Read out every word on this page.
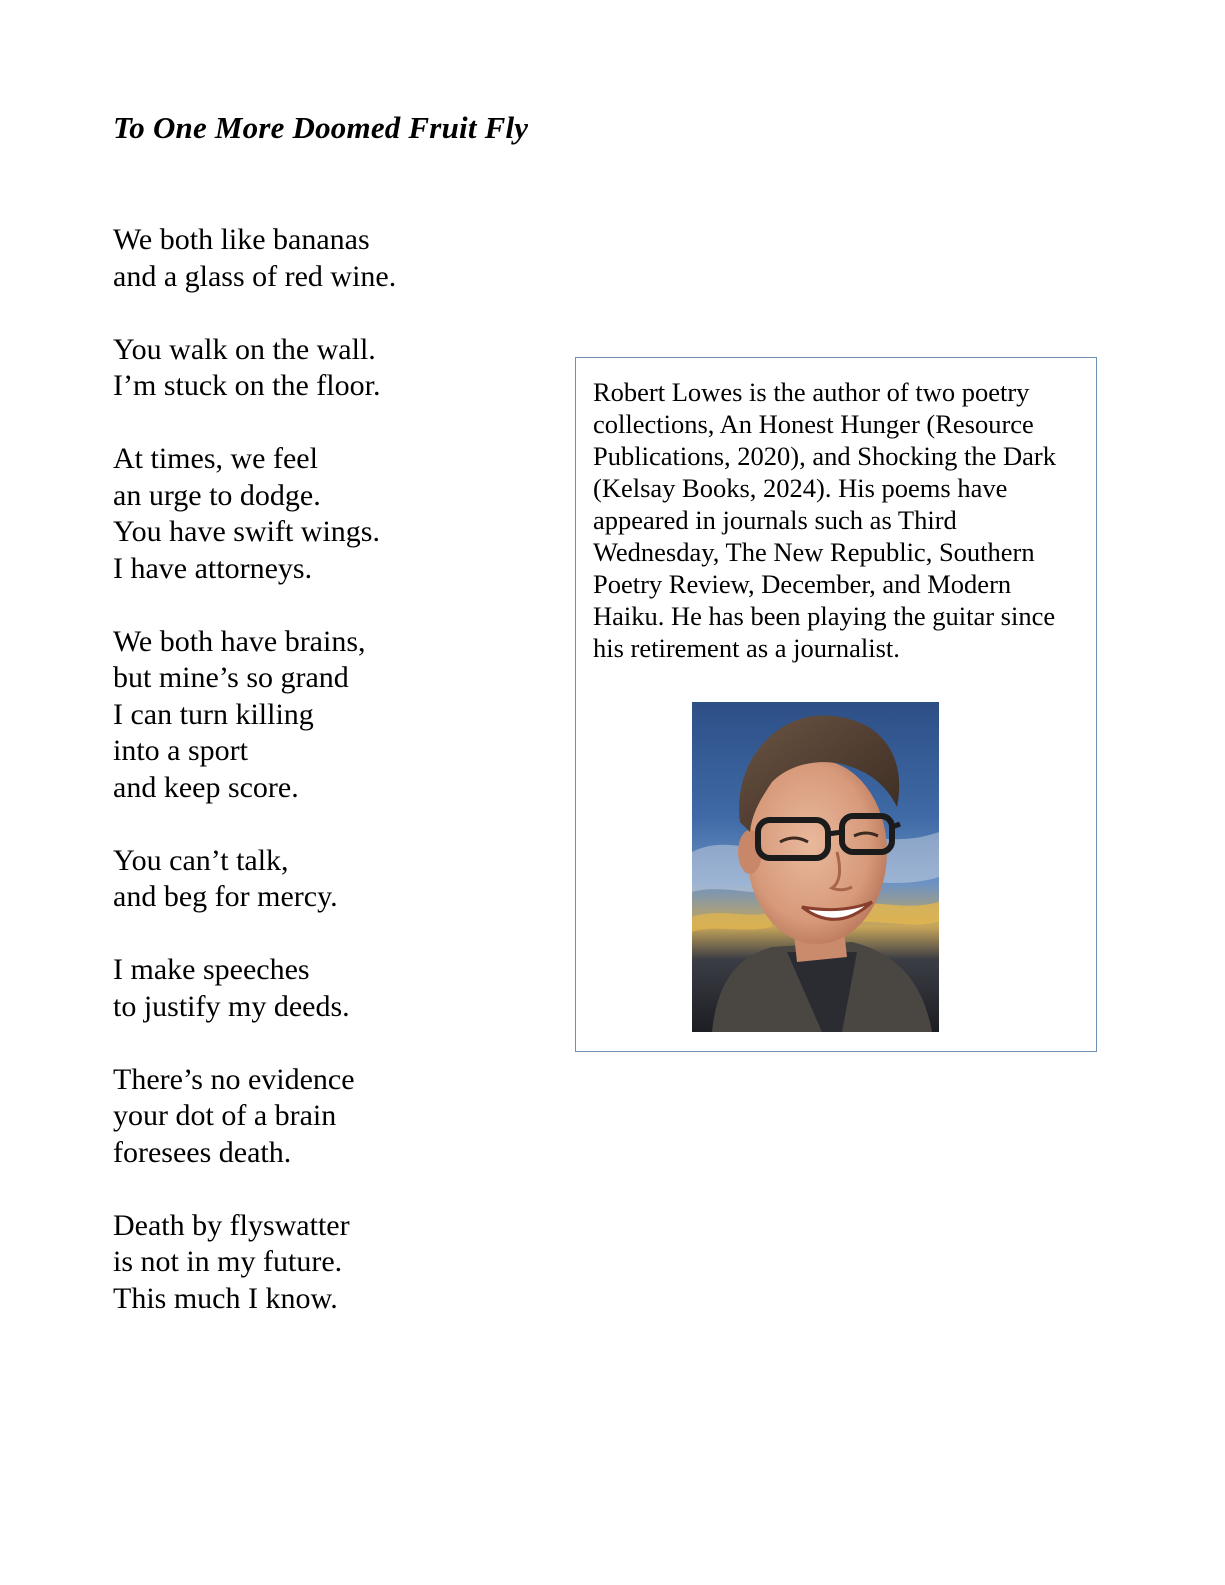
To One More Doomed Fruit Fly
We both like bananas
and a glass of red wine.
You walk on the wall.
I’m stuck on the floor.
At times, we feel
an urge to dodge.
You have swift wings.
I have attorneys.
We both have brains,
but mine’s so grand
I can turn killing
into a sport
and keep score.
You can’t talk,
and beg for mercy.
I make speeches
to justify my deeds.
There’s no evidence
your dot of a brain
foresees death.
Death by flyswatter
is not in my future.
This much I know.
Robert Lowes is the author of two poetry collections, An Honest Hunger (Resource Publications, 2020), and Shocking the Dark (Kelsay Books, 2024). His poems have appeared in journals such as Third Wednesday, The New Republic, Southern Poetry Review, December, and Modern Haiku. He has been playing the guitar since his retirement as a journalist.
